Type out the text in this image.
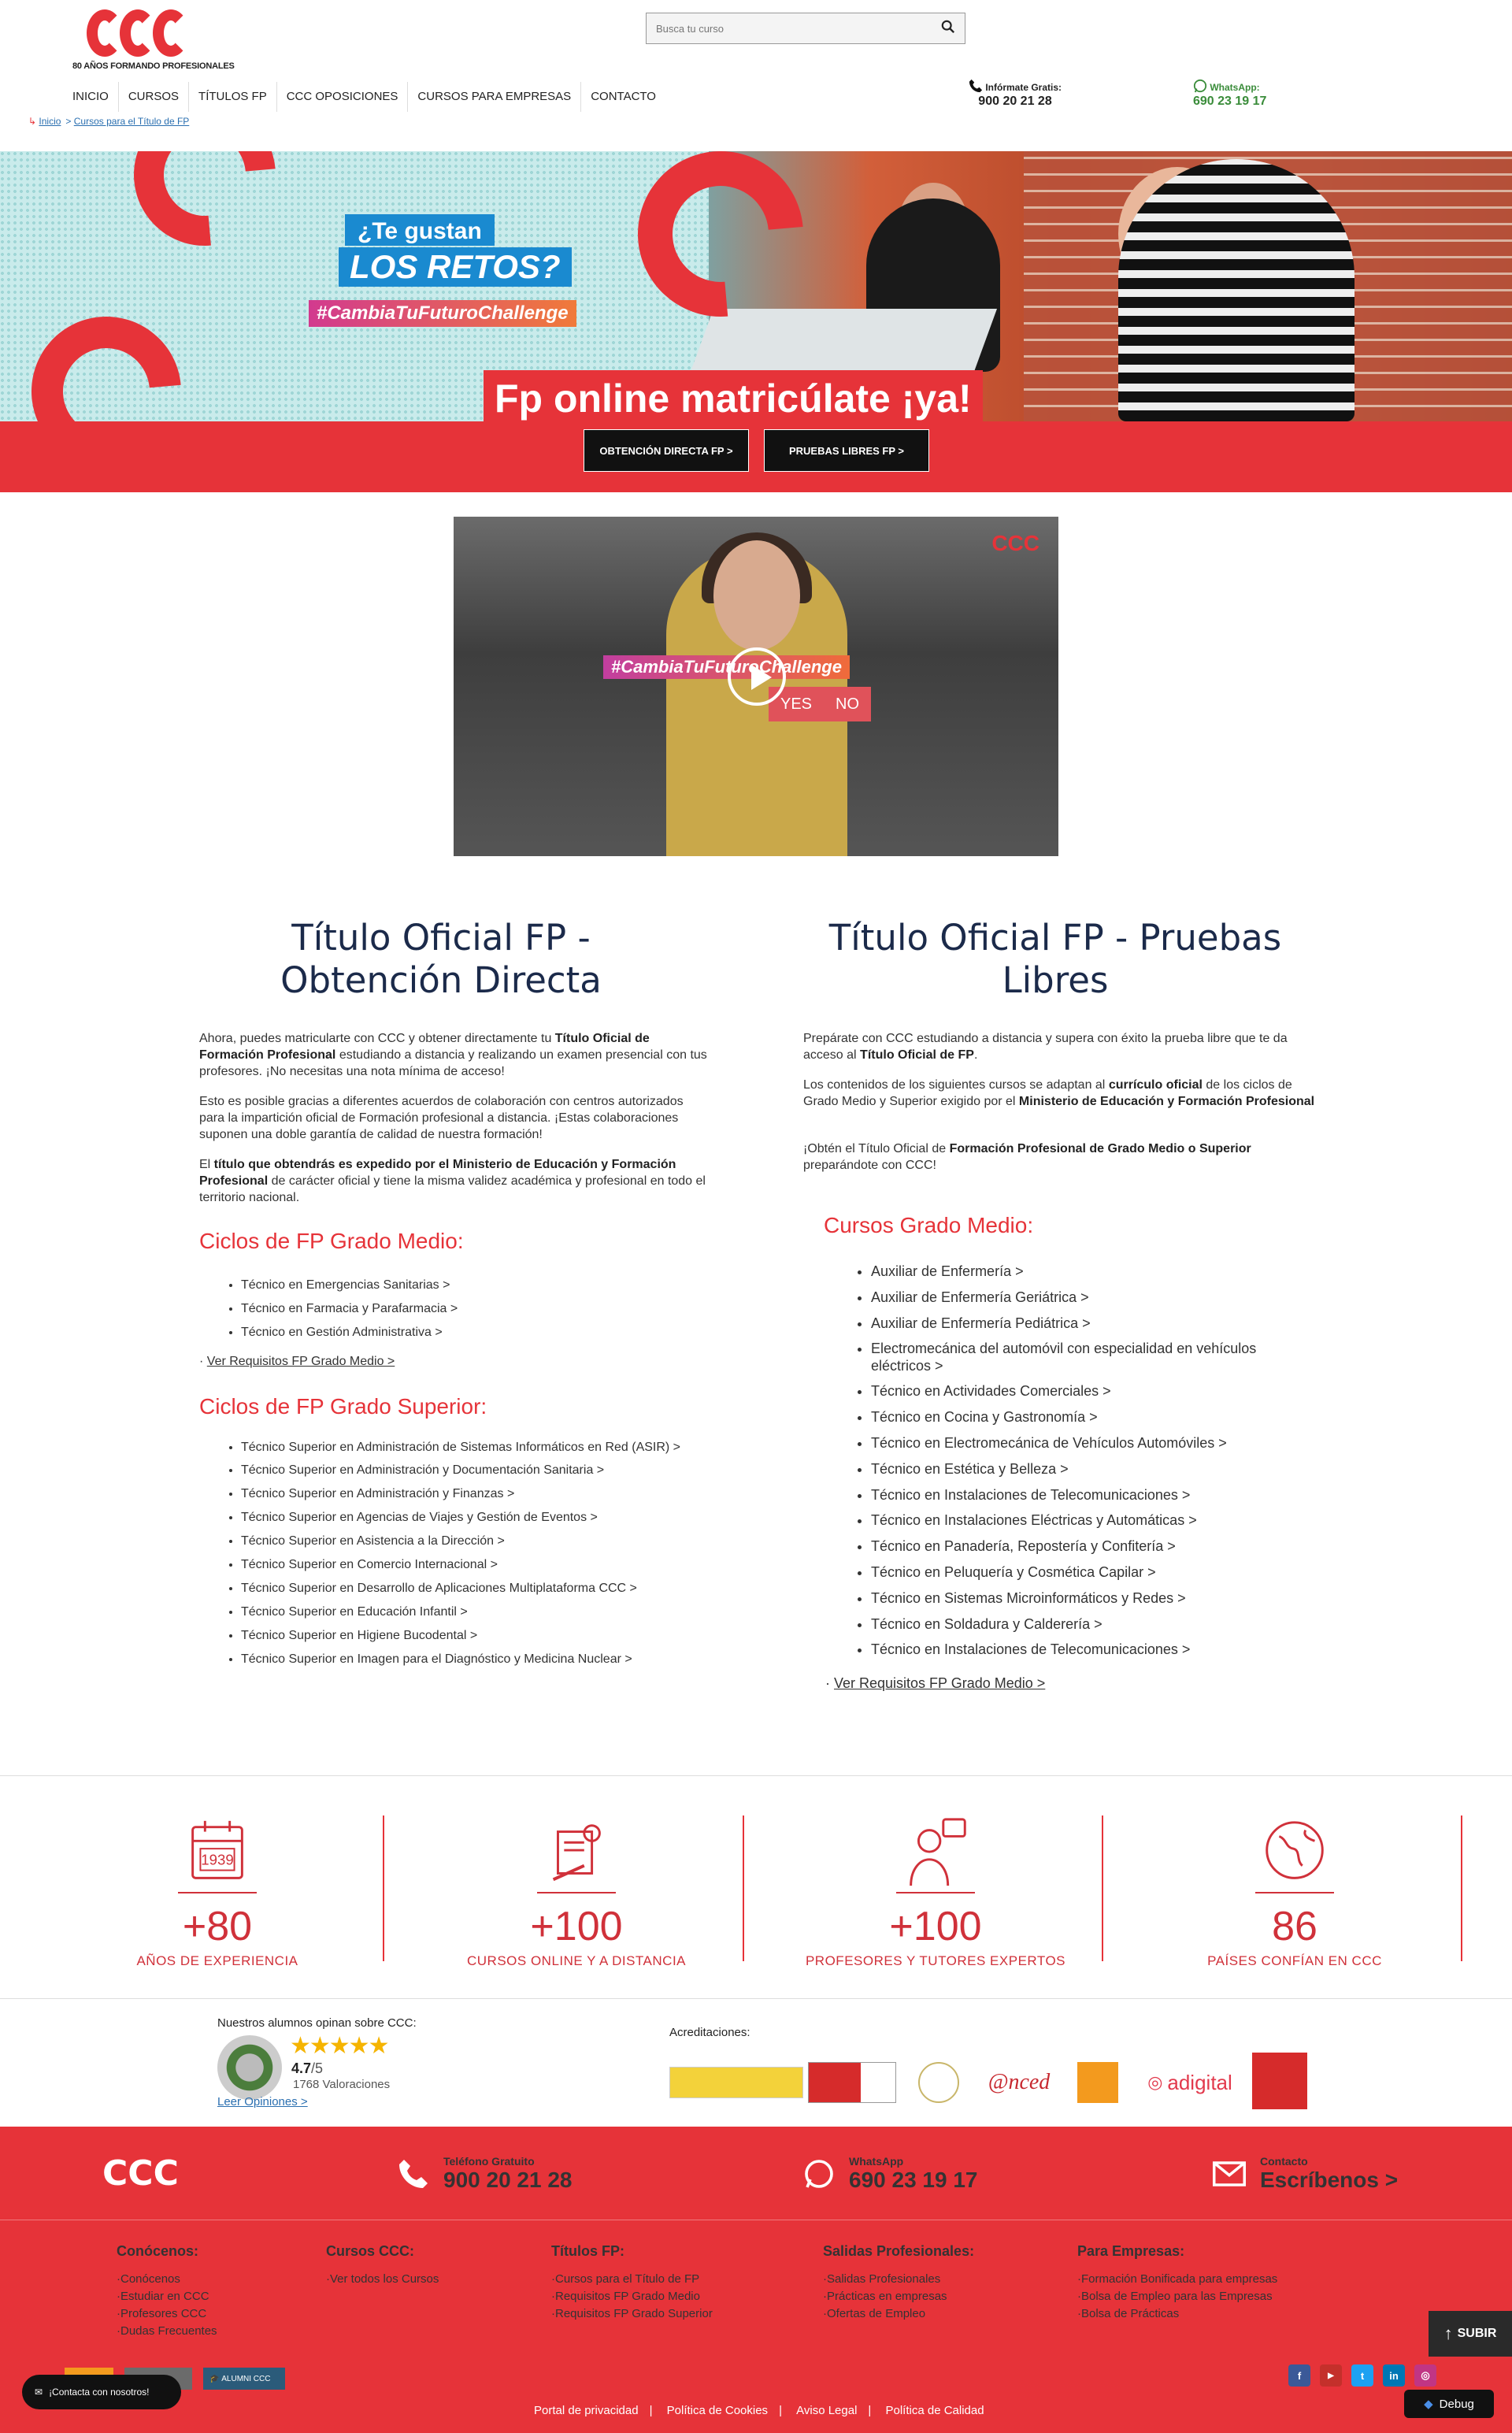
80 AÑOS FORMANDO PROFESIONALES
Busca tu curso
INICIO	CURSOS	TÍTULOS FP	CCC OPOSICIONES	CURSOS PARA EMPRESAS	CONTACTO
Infórmate Gratis:
900 20 21 28
WhatsApp:
690 23 19 17
↳ Inicio > Cursos para el Título de FP
¿Te gustan
LOS RETOS?
#CambiaTuFuturoChallenge
Fp online matricúlate ¡ya!
OBTENCIÓN DIRECTA FP >	PRUEBAS LIBRES FP >
CCC
#CambiaTuFuturoChallenge
YES NO
Título Oficial FP - Obtención Directa
Ahora, puedes matricularte con CCC y obtener directamente tu Título Oficial de Formación Profesional estudiando a distancia y realizando un examen presencial con tus profesores. ¡No necesitas una nota mínima de acceso!
Esto es posible gracias a diferentes acuerdos de colaboración con centros autorizados para la impartición oficial de Formación profesional a distancia. ¡Estas colaboraciones suponen una doble garantía de calidad de nuestra formación!
El título que obtendrás es expedido por el Ministerio de Educación y Formación Profesional de carácter oficial y tiene la misma validez académica y profesional en todo el territorio nacional.
Ciclos de FP Grado Medio:
• Técnico en Emergencias Sanitarias >
• Técnico en Farmacia y Parafarmacia >
• Técnico en Gestión Administrativa >
· Ver Requisitos FP Grado Medio >
Ciclos de FP Grado Superior:
• Técnico Superior en Administración de Sistemas Informáticos en Red (ASIR) >
• Técnico Superior en Administración y Documentación Sanitaria >
• Técnico Superior en Administración y Finanzas >
• Técnico Superior en Agencias de Viajes y Gestión de Eventos >
• Técnico Superior en Asistencia a la Dirección >
• Técnico Superior en Comercio Internacional >
• Técnico Superior en Desarrollo de Aplicaciones Multiplataforma CCC >
• Técnico Superior en Educación Infantil >
• Técnico Superior en Higiene Bucodental >
• Técnico Superior en Imagen para el Diagnóstico y Medicina Nuclear >
Título Oficial FP - Pruebas Libres
Prepárate con CCC estudiando a distancia y supera con éxito la prueba libre que te da acceso al Título Oficial de FP.
Los contenidos de los siguientes cursos se adaptan al currículo oficial de los ciclos de Grado Medio y Superior exigido por el Ministerio de Educación y Formación Profesional
¡Obtén el Título Oficial de Formación Profesional de Grado Medio o Superior preparándote con CCC!
Cursos Grado Medio:
• Auxiliar de Enfermería >
• Auxiliar de Enfermería Geriátrica >
• Auxiliar de Enfermería Pediátrica >
• Electromecánica del automóvil con especialidad en vehículos eléctricos >
• Técnico en Actividades Comerciales >
• Técnico en Cocina y Gastronomía >
• Técnico en Electromecánica de Vehículos Automóviles >
• Técnico en Estética y Belleza >
• Técnico en Instalaciones de Telecomunicaciones >
• Técnico en Instalaciones Eléctricas y Automáticas >
• Técnico en Panadería, Repostería y Confitería >
• Técnico en Peluquería y Cosmética Capilar >
• Técnico en Sistemas Microinformáticos y Redes >
• Técnico en Soldadura y Calderería >
• Técnico en Instalaciones de Telecomunicaciones >
· Ver Requisitos FP Grado Medio >
1939
+80
AÑOS DE EXPERIENCIA
+100
CURSOS ONLINE Y A DISTANCIA
+100
PROFESORES Y TUTORES EXPERTOS
86
PAÍSES CONFÍAN EN CCC
Nuestros alumnos opinan sobre CCC:
★★★★★
4.7/5
1768 Valoraciones
Leer Opiniones >
Acreditaciones:
@nced	◎ adigital
CCC	Teléfono Gratuito
900 20 21 28
WhatsApp
690 23 19 17
Contacto
Escríbenos >
Conócenos:
·Conócenos
·Estudiar en CCC
·Profesores CCC
·Dudas Frecuentes
Cursos CCC:
·Ver todos los Cursos
Títulos FP:
·Cursos para el Título de FP
·Requisitos FP Grado Medio
·Requisitos FP Grado Superior
Salidas Profesionales:
·Salidas Profesionales
·Prácticas en empresas
·Ofertas de Empleo
Para Empresas:
·Formación Bonificada para empresas
·Bolsa de Empleo para las Empresas
·Bolsa de Prácticas
🎓
ALUMNI CCC	f	▶	t	in	◎
Portal de privacidad | Política de Cookies | Aviso Legal | Política de Calidad
↑ SUBIR
✉ ¡Contacta con nosotros!
◆ Debug
